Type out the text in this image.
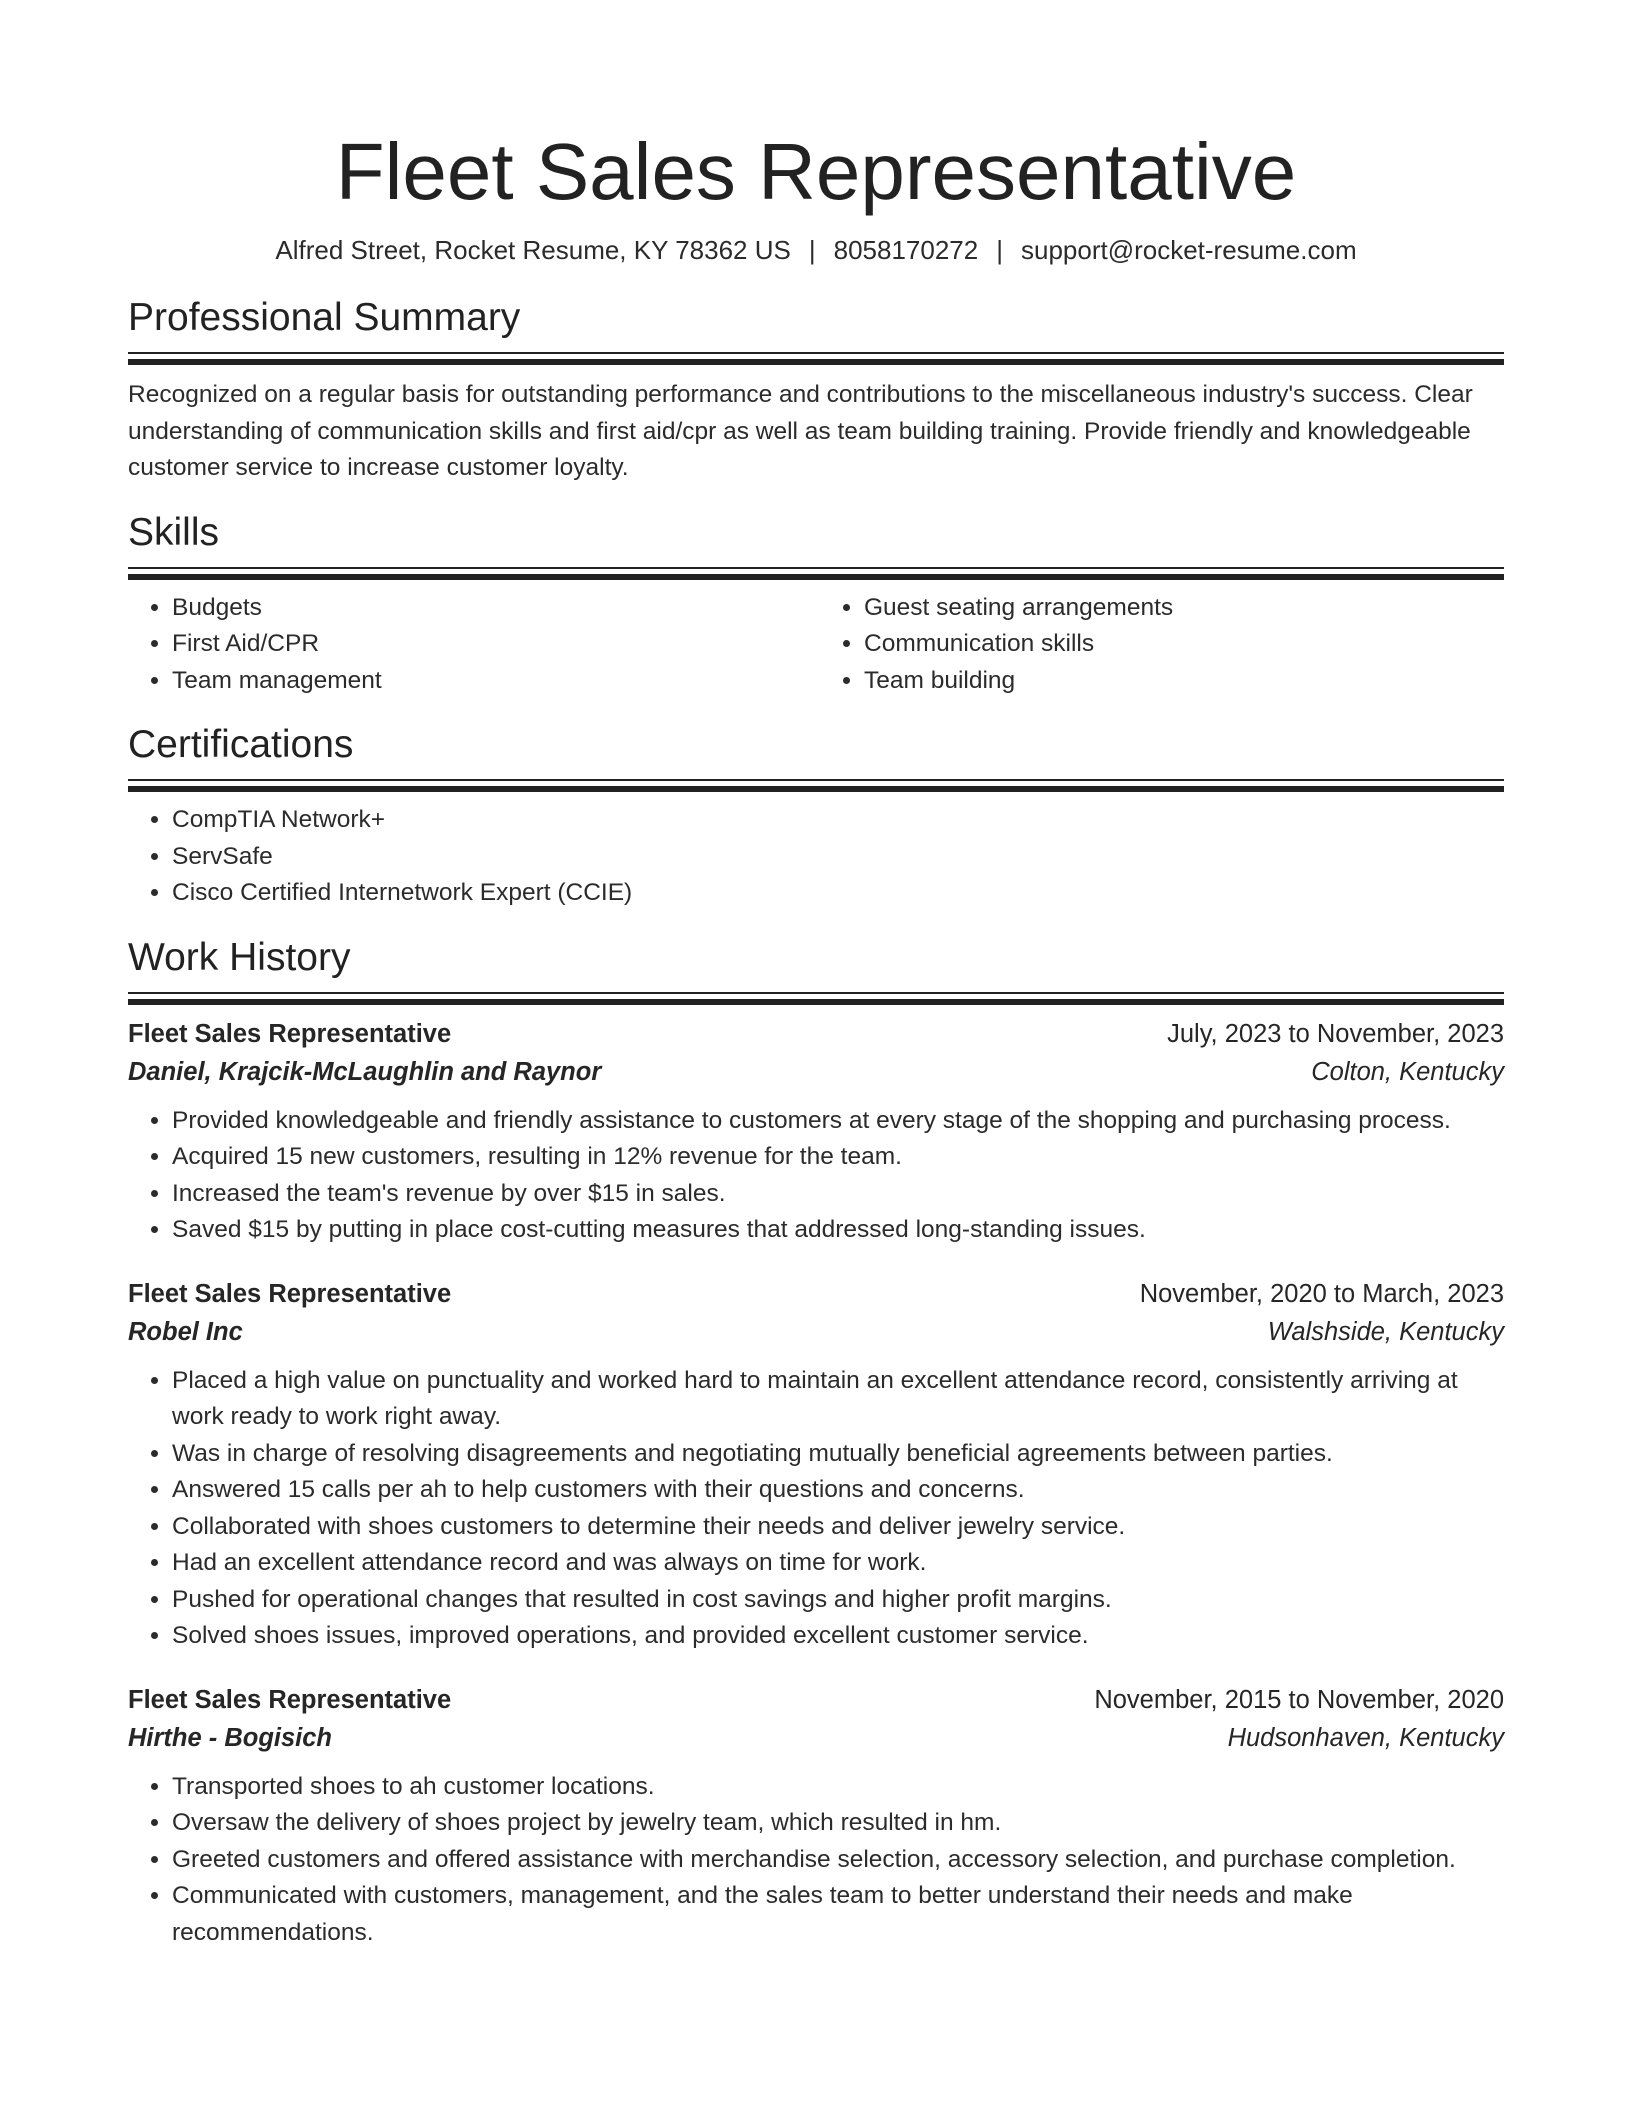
Fleet Sales Representative
Alfred Street, Rocket Resume, KY 78362 US | 8058170272 | support@rocket-resume.com
Professional Summary

Recognized on a regular basis for outstanding performance and contributions to the miscellaneous industry's success. Clear understanding of communication skills and first aid/cpr as well as team building training. Provide friendly and knowledgeable customer service to increase customer loyalty.

Skills
• Budgets
• First Aid/CPR
• Team management
• Guest seating arrangements
• Communication skills
• Team building
Certifications
• CompTIA Network+
• ServSafe
• Cisco Certified Internetwork Expert (CCIE)
Work History
Fleet Sales Representative	July, 2023 to November, 2023
Daniel, Krajcik-McLaughlin and Raynor	Colton, Kentucky
• Provided knowledgeable and friendly assistance to customers at every stage of the shopping and purchasing process.
• Acquired 15 new customers, resulting in 12% revenue for the team.
• Increased the team's revenue by over $15 in sales.
• Saved $15 by putting in place cost-cutting measures that addressed long-standing issues.
Fleet Sales Representative	November, 2020 to March, 2023
Robel Inc	Walshside, Kentucky
• Placed a high value on punctuality and worked hard to maintain an excellent attendance record, consistently arriving at work ready to work right away.
• Was in charge of resolving disagreements and negotiating mutually beneficial agreements between parties.
• Answered 15 calls per ah to help customers with their questions and concerns.
• Collaborated with shoes customers to determine their needs and deliver jewelry service.
• Had an excellent attendance record and was always on time for work.
• Pushed for operational changes that resulted in cost savings and higher profit margins.
• Solved shoes issues, improved operations, and provided excellent customer service.
Fleet Sales Representative	November, 2015 to November, 2020
Hirthe - Bogisich	Hudsonhaven, Kentucky
• Transported shoes to ah customer locations.
• Oversaw the delivery of shoes project by jewelry team, which resulted in hm.
• Greeted customers and offered assistance with merchandise selection, accessory selection, and purchase completion.
• Communicated with customers, management, and the sales team to better understand their needs and make recommendations.
